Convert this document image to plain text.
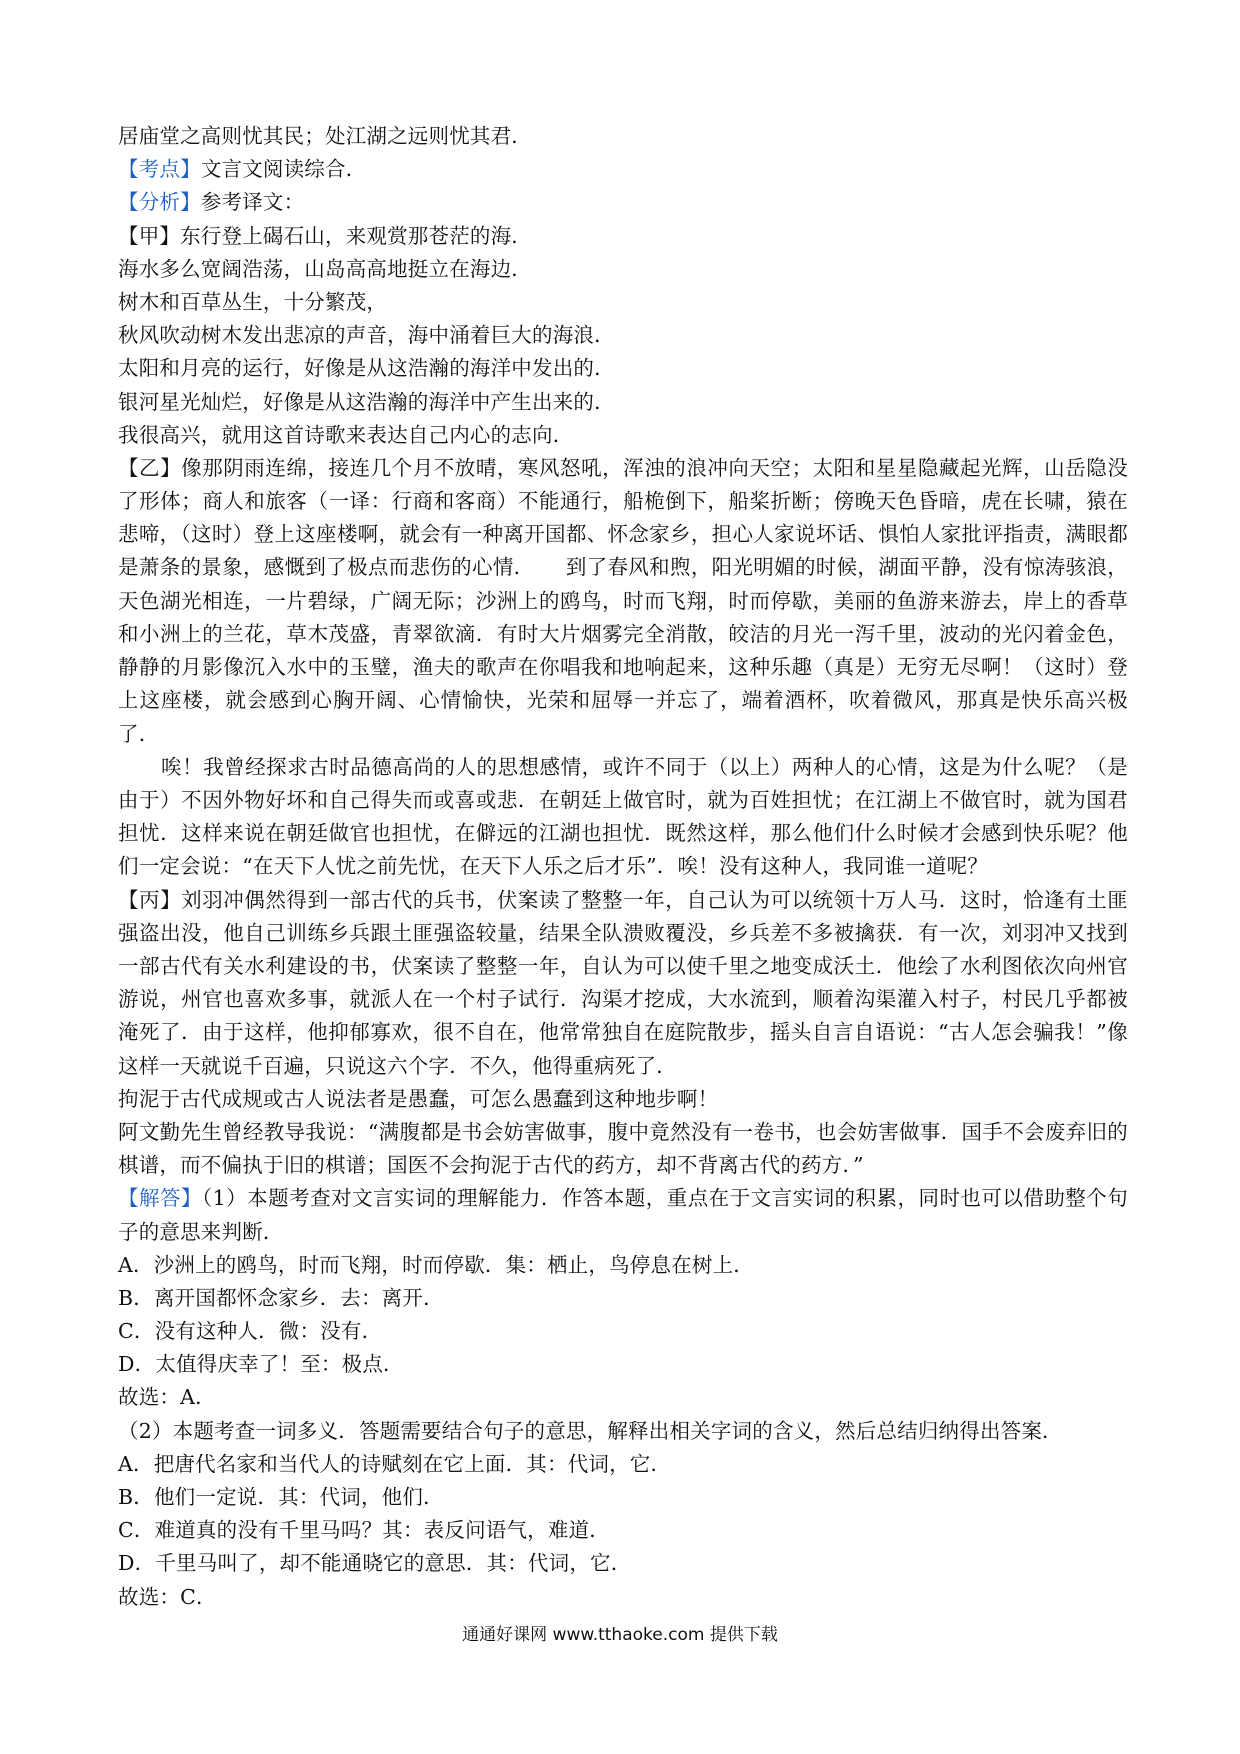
居庙堂之高则忧其民；处江湖之远则忧其君．
【考点】文言文阅读综合．
【分析】参考译文：
【甲】东行登上碣石山，来观赏那苍茫的海．
海水多么宽阔浩荡，山岛高高地挺立在海边．
树木和百草丛生，十分繁茂，
秋风吹动树木发出悲凉的声音，海中涌着巨大的海浪．
太阳和月亮的运行，好像是从这浩瀚的海洋中发出的．
银河星光灿烂，好像是从这浩瀚的海洋中产生出来的．
我很高兴，就用这首诗歌来表达自己内心的志向．
【乙】像那阴雨连绵，接连几个月不放晴，寒风怒吼，浑浊的浪冲向天空；太阳和星星隐藏起光辉，山岳隐没了形体；商人和旅客（一译：行商和客商）不能通行，船桅倒下，船桨折断；傍晚天色昏暗，虎在长啸，猿在悲啼，（这时）登上这座楼啊，就会有一种离开国都、怀念家乡，担心人家说坏话、惧怕人家批评指责，满眼都是萧条的景象，感慨到了极点而悲伤的心情．　　到了春风和煦，阳光明媚的时候，湖面平静，没有惊涛骇浪，天色湖光相连，一片碧绿，广阔无际；沙洲上的鸥鸟，时而飞翔，时而停歇，美丽的鱼游来游去，岸上的香草和小洲上的兰花，草木茂盛，青翠欲滴．有时大片烟雾完全消散，皎洁的月光一泻千里，波动的光闪着金色，静静的月影像沉入水中的玉璧，渔夫的歌声在你唱我和地响起来，这种乐趣（真是）无穷无尽啊！（这时）登上这座楼，就会感到心胸开阔、心情愉快，光荣和屈辱一并忘了，端着酒杯，吹着微风，那真是快乐高兴极了．
唉！我曾经探求古时品德高尚的人的思想感情，或许不同于（以上）两种人的心情，这是为什么呢？（是由于）不因外物好坏和自己得失而或喜或悲．在朝廷上做官时，就为百姓担忧；在江湖上不做官时，就为国君担忧．这样来说在朝廷做官也担忧，在僻远的江湖也担忧．既然这样，那么他们什么时候才会感到快乐呢？他们一定会说：“在天下人忧之前先忧，在天下人乐之后才乐”．唉！没有这种人，我同谁一道呢？
【丙】刘羽冲偶然得到一部古代的兵书，伏案读了整整一年，自己认为可以统领十万人马．这时，恰逢有土匪强盗出没，他自己训练乡兵跟土匪强盗较量，结果全队溃败覆没，乡兵差不多被擒获．有一次，刘羽冲又找到一部古代有关水利建设的书，伏案读了整整一年，自认为可以使千里之地变成沃土．他绘了水利图依次向州官游说，州官也喜欢多事，就派人在一个村子试行．沟渠才挖成，大水流到，顺着沟渠灌入村子，村民几乎都被淹死了．由于这样，他抑郁寡欢，很不自在，他常常独自在庭院散步，摇头自言自语说：“古人怎会骗我！”像这样一天就说千百遍，只说这六个字．不久，他得重病死了．
拘泥于古代成规或古人说法者是愚蠢，可怎么愚蠢到这种地步啊！
阿文勤先生曾经教导我说：“满腹都是书会妨害做事，腹中竟然没有一卷书，也会妨害做事．国手不会废弃旧的棋谱，而不偏执于旧的棋谱；国医不会拘泥于古代的药方，却不背离古代的药方．”
【解答】（1）本题考查对文言实词的理解能力．作答本题，重点在于文言实词的积累，同时也可以借助整个句子的意思来判断．
A．沙洲上的鸥鸟，时而飞翔，时而停歇．集：栖止，鸟停息在树上．
B．离开国都怀念家乡．去：离开．
C．没有这种人．微：没有．
D．太值得庆幸了！至：极点．
故选：A．
（2）本题考查一词多义．答题需要结合句子的意思，解释出相关字词的含义，然后总结归纳得出答案．
A．把唐代名家和当代人的诗赋刻在它上面．其：代词，它．
B．他们一定说．其：代词，他们．
C．难道真的没有千里马吗？其：表反问语气，难道．
D．千里马叫了，却不能通晓它的意思．其：代词，它．
故选：C．
通通好课网 www.tthaoke.com 提供下载
